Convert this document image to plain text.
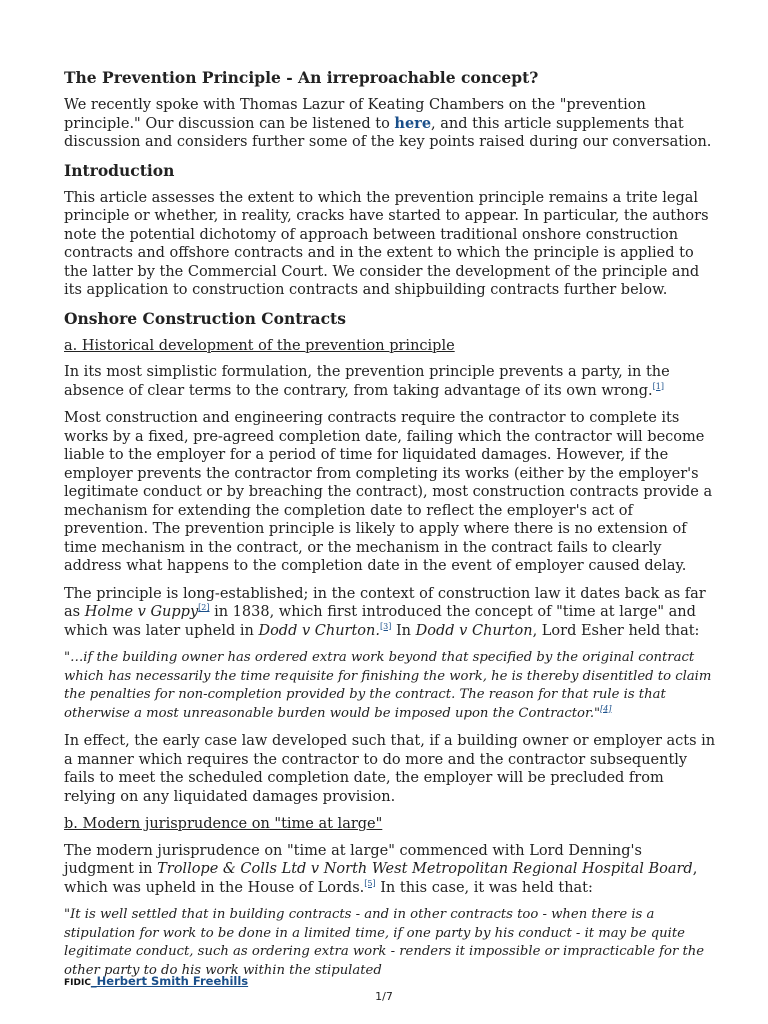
The Prevention Principle - An irreproachable concept?

We recently spoke with Thomas Lazur of Keating Chambers on the "prevention principle." Our discussion can be listened to here, and this article supplements that discussion and considers further some of the key points raised during our conversation.

Introduction

This article assesses the extent to which the prevention principle remains a trite legal principle or whether, in reality, cracks have started to appear. In particular, the authors note the potential dichotomy of approach between traditional onshore construction contracts and offshore contracts and in the extent to which the principle is applied to the latter by the Commercial Court. We consider the development of the principle and its application to construction contracts and shipbuilding contracts further below.

Onshore Construction Contracts

a. Historical development of the prevention principle

In its most simplistic formulation, the prevention principle prevents a party, in the absence of clear terms to the contrary, from taking advantage of its own wrong.[1]

Most construction and engineering contracts require the contractor to complete its works by a fixed, pre-agreed completion date, failing which the contractor will become liable to the employer for a period of time for liquidated damages. However, if the employer prevents the contractor from completing its works (either by the employer's legitimate conduct or by breaching the contract), most construction contracts provide a mechanism for extending the completion date to reflect the employer's act of prevention. The prevention principle is likely to apply where there is no extension of time mechanism in the contract, or the mechanism in the contract fails to clearly address what happens to the completion date in the event of employer caused delay.

The principle is long-established; in the context of construction law it dates back as far as Holme v Guppy[2] in 1838, which first introduced the concept of "time at large" and which was later upheld in Dodd v Churton.[3] In Dodd v Churton, Lord Esher held that:

"…if the building owner has ordered extra work beyond that specified by the original contract which has necessarily the time requisite for finishing the work, he is thereby disentitled to claim the penalties for non-completion provided by the contract. The reason for that rule is that otherwise a most unreasonable burden would be imposed upon the Contractor."[4]

In effect, the early case law developed such that, if a building owner or employer acts in a manner which requires the contractor to do more and the contractor subsequently fails to meet the scheduled completion date, the employer will be precluded from relying on any liquidated damages provision.

b. Modern jurisprudence on "time at large"

The modern jurisprudence on "time at large" commenced with Lord Denning's judgment in Trollope & Colls Ltd v North West Metropolitan Regional Hospital Board, which was upheld in the House of Lords.[5] In this case, it was held that:

"It is well settled that in building contracts - and in other contracts too - when there is a stipulation for work to be done in a limited time, if one party by his conduct - it may be quite legitimate conduct, such as ordering extra work - renders it impossible or impracticable for the other party to do his work within the stipulated

FIDIC_Herbert Smith Freehills
1/7
